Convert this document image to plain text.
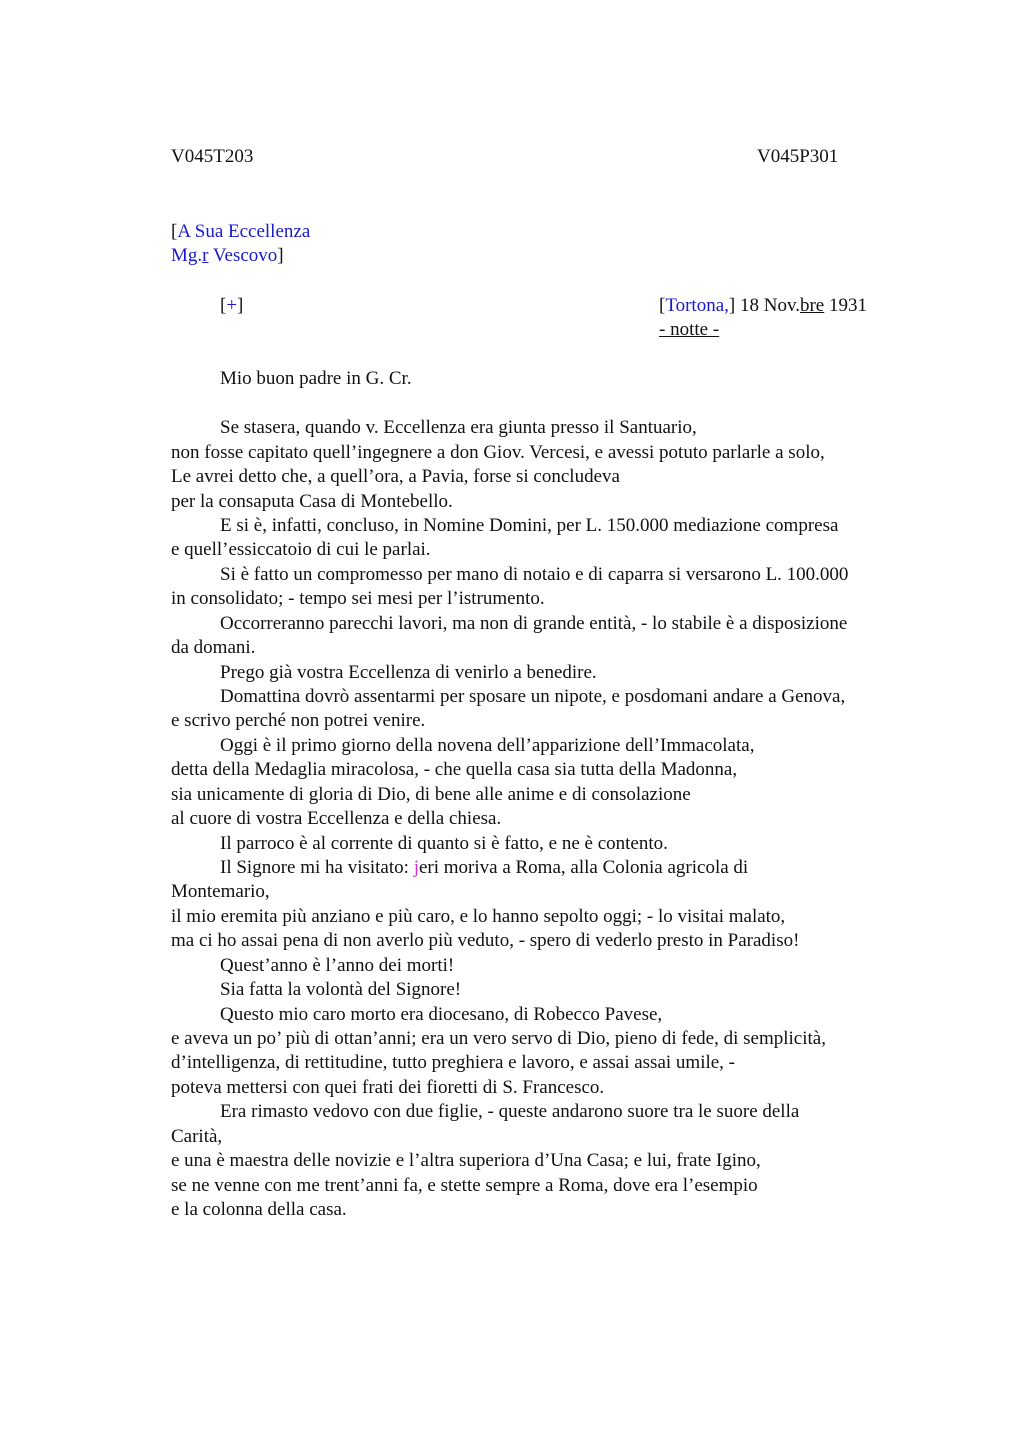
V045T203	V045P301
[A Sua Eccellenza
Mg.r Vescovo]
[+]	[Tortona,] 18 Nov.bre 1931
- notte -
Mio buon padre in G. Cr.
Se stasera, quando v. Eccellenza era giunta presso il Santuario,
non fosse capitato quell’ingegnere a don Giov. Vercesi, e avessi potuto parlarle a solo,
Le avrei detto che, a quell’ora, a Pavia, forse si concludeva
per la consaputa Casa di Montebello.
E si è, infatti, concluso, in Nomine Domini, per L. 150.000 mediazione compresa
e quell’essiccatoio di cui le parlai.
Si è fatto un compromesso per mano di notaio e di caparra si versarono L. 100.000
in consolidato; - tempo sei mesi per l’istrumento.
Occorreranno parecchi lavori, ma non di grande entità, - lo stabile è a disposizione
da domani.
Prego già vostra Eccellenza di venirlo a benedire.
Domattina dovrò assentarmi per sposare un nipote, e posdomani andare a Genova,
e scrivo perché non potrei venire.
Oggi è il primo giorno della novena dell’apparizione dell’Immacolata,
detta della Medaglia miracolosa, - che quella casa sia tutta della Madonna,
sia unicamente di gloria di Dio, di bene alle anime e di consolazione
al cuore di vostra Eccellenza e della chiesa.
Il parroco è al corrente di quanto si è fatto, e ne è contento.
Il Signore mi ha visitato: jeri moriva a Roma, alla Colonia agricola di
Montemario,
il mio eremita più anziano e più caro, e lo hanno sepolto oggi; - lo visitai malato,
ma ci ho assai pena di non averlo più veduto, - spero di vederlo presto in Paradiso!
Quest’anno è l’anno dei morti!
Sia fatta la volontà del Signore!
Questo mio caro morto era diocesano, di Robecco Pavese,
e aveva un po’ più di ottan’anni; era un vero servo di Dio, pieno di fede, di semplicità,
d’intelligenza, di rettitudine, tutto preghiera e lavoro, e assai assai umile, -
poteva mettersi con quei frati dei fioretti di S. Francesco.
Era rimasto vedovo con due figlie, - queste andarono suore tra le suore della
Carità,
e una è maestra delle novizie e l’altra superiora d’Una Casa; e lui, frate Igino,
se ne venne con me trent’anni fa, e stette sempre a Roma, dove era l’esempio
e la colonna della casa.
